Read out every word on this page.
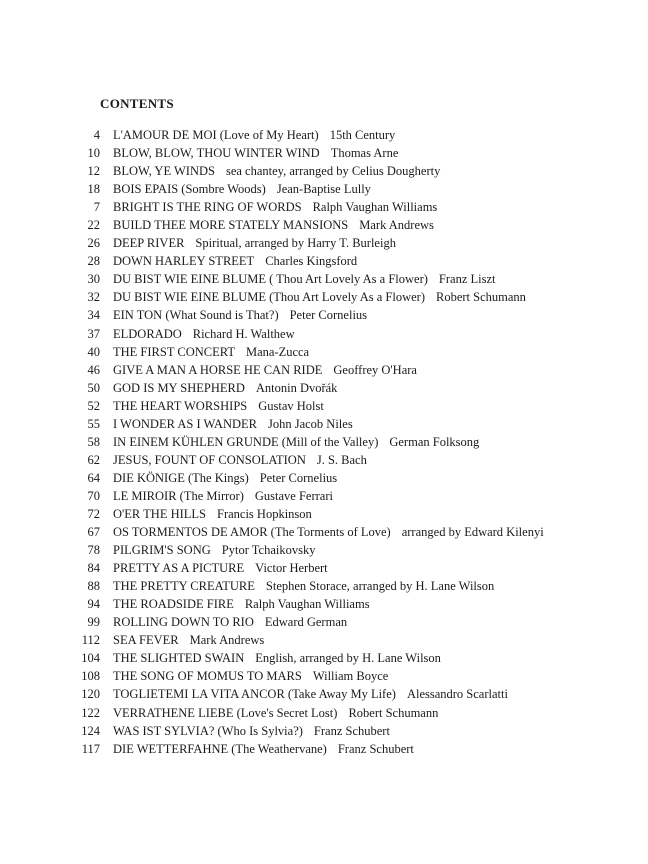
CONTENTS
4	L'AMOUR DE MOI (Love of My Heart) 15th Century
10	BLOW, BLOW, THOU WINTER WIND Thomas Arne
12	BLOW, YE WINDS sea chantey, arranged by Celius Dougherty
18	BOIS EPAIS (Sombre Woods) Jean-Baptise Lully
7	BRIGHT IS THE RING OF WORDS Ralph Vaughan Williams
22	BUILD THEE MORE STATELY MANSIONS Mark Andrews
26	DEEP RIVER Spiritual, arranged by Harry T. Burleigh
28	DOWN HARLEY STREET Charles Kingsford
30	DU BIST WIE EINE BLUME ( Thou Art Lovely As a Flower) Franz Liszt
32	DU BIST WIE EINE BLUME (Thou Art Lovely As a Flower) Robert Schumann
34	EIN TON (What Sound is That?) Peter Cornelius
37	ELDORADO Richard H. Walthew
40	THE FIRST CONCERT Mana-Zucca
46	GIVE A MAN A HORSE HE CAN RIDE Geoffrey O'Hara
50	GOD IS MY SHEPHERD Antonin Dvořák
52	THE HEART WORSHIPS Gustav Holst
55	I WONDER AS I WANDER John Jacob Niles
58	IN EINEM KÜHLEN GRUNDE (Mill of the Valley) German Folksong
62	JESUS, FOUNT OF CONSOLATION J. S. Bach
64	DIE KÖNIGE (The Kings) Peter Cornelius
70	LE MIROIR (The Mirror) Gustave Ferrari
72	O'ER THE HILLS Francis Hopkinson
67	OS TORMENTOS DE AMOR (The Torments of Love) arranged by Edward Kilenyi
78	PILGRIM'S SONG Pytor Tchaikovsky
84	PRETTY AS A PICTURE Victor Herbert
88	THE PRETTY CREATURE Stephen Storace, arranged by H. Lane Wilson
94	THE ROADSIDE FIRE Ralph Vaughan Williams
99	ROLLING DOWN TO RIO Edward German
112	SEA FEVER Mark Andrews
104	THE SLIGHTED SWAIN English, arranged by H. Lane Wilson
108	THE SONG OF MOMUS TO MARS William Boyce
120	TOGLIETEMI LA VITA ANCOR (Take Away My Life) Alessandro Scarlatti
122	VERRATHENE LIEBE (Love's Secret Lost) Robert Schumann
124	WAS IST SYLVIA? (Who Is Sylvia?) Franz Schubert
117	DIE WETTERFAHNE (The Weathervane) Franz Schubert
